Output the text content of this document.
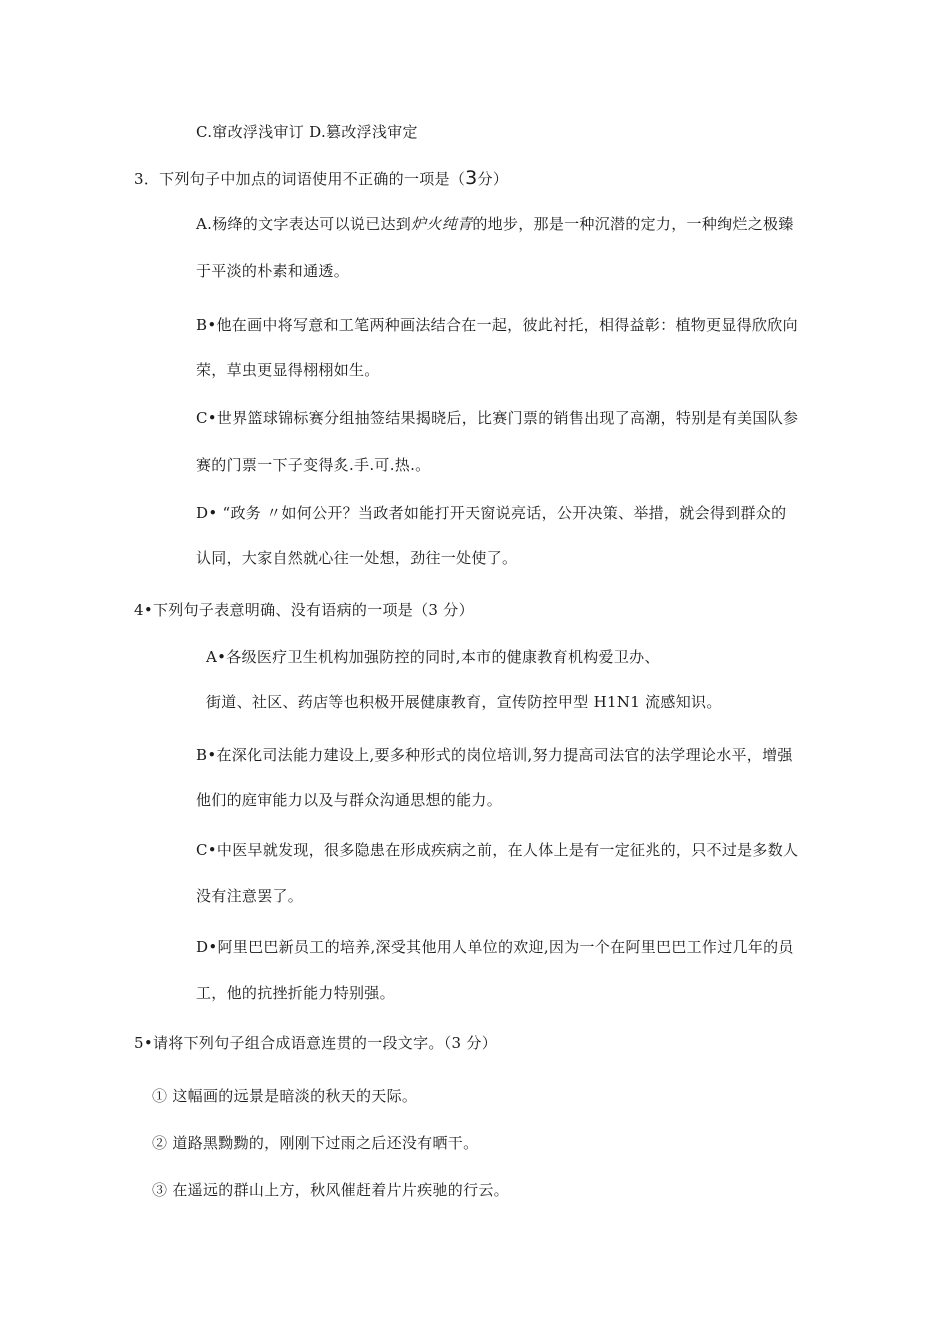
C.窜改浮浅审订 D.篡改浮浅审定
3．下列句子中加点的词语使用不正确的一项是（3分）
A.杨绛的文字表达可以说已达到炉火纯青的地步，那是一种沉潜的定力，一种绚烂之极臻
于平淡的朴素和通透。
B•他在画中将写意和工笔两种画法结合在一起，彼此衬托，相得益彰：植物更显得欣欣向
荣，草虫更显得栩栩如生。
C•世界篮球锦标赛分组抽签结果揭晓后，比赛门票的销售出现了高潮，特别是有美国队参
赛的门票一下子变得炙.手.可.热.。
D• “政务 〃如何公开？当政者如能打开天窗说亮话，公开决策、举措，就会得到群众的
认同，大家自然就心往一处想，劲往一处使了。
4•下列句子表意明确、没有语病的一项是（3 分）
A•各级医疗卫生机构加强防控的同时,本市的健康教育机构爱卫办、
街道、社区、药店等也积极开展健康教育，宣传防控甲型 H1N1 流感知识。
B•在深化司法能力建设上,要多种形式的岗位培训,努力提高司法官的法学理论水平，增强
他们的庭审能力以及与群众沟通思想的能力。
C•中医早就发现，很多隐患在形成疾病之前，在人体上是有一定征兆的，只不过是多数人
没有注意罢了。
D•阿里巴巴新员工的培养,深受其他用人单位的欢迎,因为一个在阿里巴巴工作过几年的员
工，他的抗挫折能力特别强。
5•请将下列句子组合成语意连贯的一段文字。（3 分）
① 这幅画的远景是暗淡的秋天的天际。
② 道路黑黝黝的，刚刚下过雨之后还没有晒干。
③ 在遥远的群山上方，秋风催赶着片片疾驰的行云。
